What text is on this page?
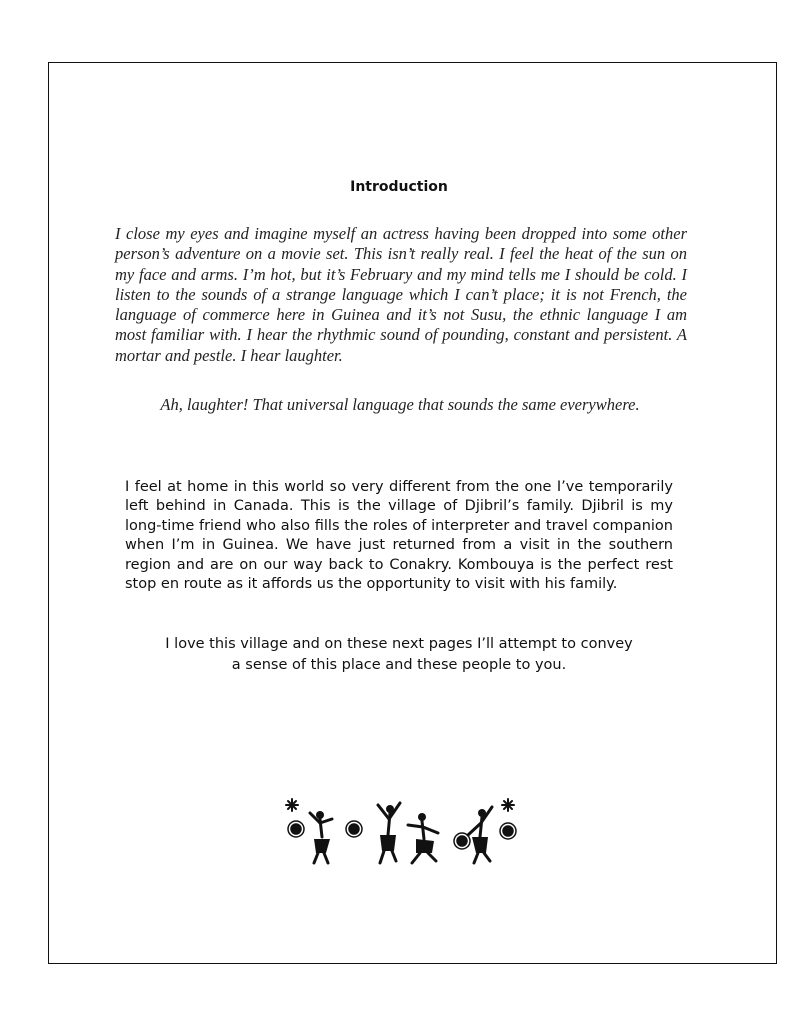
Introduction

I close my eyes and imagine myself an actress having been dropped into some other person’s adventure on a movie set. This isn’t really real. I feel the heat of the sun on my face and arms. I’m hot, but it’s February and my mind tells me I should be cold. I listen to the sounds of a strange language which I can’t place; it is not French, the language of commerce here in Guinea and it’s not Susu, the ethnic language I am most familiar with. I hear the rhythmic sound of pounding, constant and persistent. A mortar and pestle. I hear laughter.

Ah, laughter! That universal language that sounds the same everywhere.

I feel at home in this world so very different from the one I’ve temporarily left behind in Canada. This is the village of Djibril’s family. Djibril is my long-time friend who also fills the roles of interpreter and travel companion when I’m in Guinea. We have just returned from a visit in the southern region and are on our way back to Conakry. Kombouya is the perfect rest stop en route as it affords us the opportunity to visit with his family.

I love this village and on these next pages I’ll attempt to convey
a sense of this place and these people to you.
